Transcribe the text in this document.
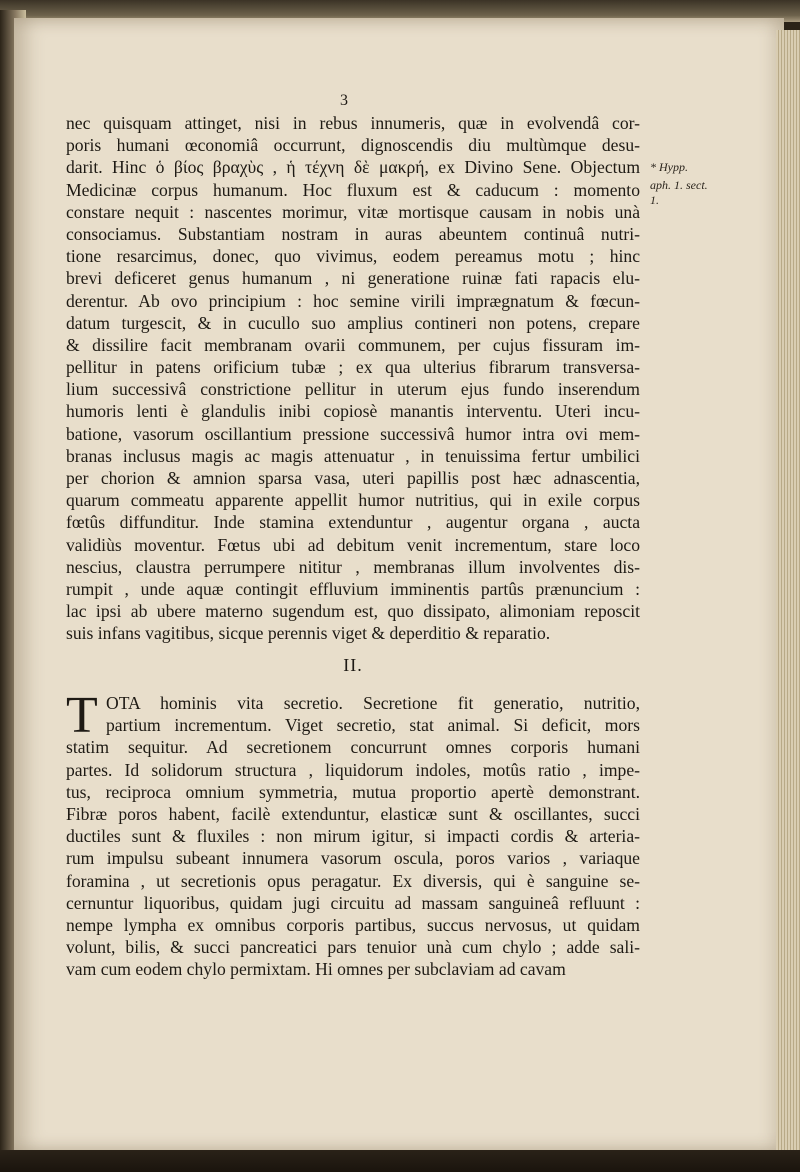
3
* Hypp.
aph. 1. sect.
1.
nec quisquam attinget, nisi in rebus innumeris, quæ in evolvendâ cor-
poris humani œconomiâ occurrunt, dignoscendis diu multùmque desu-
darit. Hinc ὁ βίος βραχὺς , ἡ τέχνη δὲ μακρή, ex Divino Sene. Objectum
Medicinæ corpus humanum. Hoc fluxum est & caducum : momento
constare nequit : nascentes morimur, vitæ mortisque causam in nobis unà
consociamus. Substantiam nostram in auras abeuntem continuâ nutri-
tione resarcimus, donec, quo vivimus, eodem pereamus motu ; hinc
brevi deficeret genus humanum , ni generatione ruinæ fati rapacis elu-
derentur. Ab ovo principium : hoc semine virili imprægnatum & fœcun-
datum turgescit, & in cucullo suo amplius contineri non potens, crepare
& dissilire facit membranam ovarii communem, per cujus fissuram im-
pellitur in patens orificium tubæ ; ex qua ulterius fibrarum transversa-
lium successivâ constrictione pellitur in uterum ejus fundo inserendum
humoris lenti è glandulis inibi copiosè manantis interventu. Uteri incu-
batione, vasorum oscillantium pressione successivâ humor intra ovi mem-
branas inclusus magis ac magis attenuatur , in tenuissima fertur umbilici
per chorion & amnion sparsa vasa, uteri papillis post hæc adnascentia,
quarum commeatu apparente appellit humor nutritius, qui in exile corpus
fœtûs diffunditur. Inde stamina extenduntur , augentur organa , aucta
validiùs moventur. Fœtus ubi ad debitum venit incrementum, stare loco
nescius, claustra perrumpere nititur , membranas illum involventes dis-
rumpit , unde aquæ contingit effluvium imminentis partûs prænuncium :
lac ipsi ab ubere materno sugendum est, quo dissipato, alimoniam reposcit
suis infans vagitibus, sicque perennis viget & deperditio & reparatio.
II.
T OTA hominis vita secretio. Secretione fit generatio, nutritio,
partium incrementum. Viget secretio, stat animal. Si deficit, mors
statim sequitur. Ad secretionem concurrunt omnes corporis humani
partes. Id solidorum structura , liquidorum indoles, motûs ratio , impe-
tus, reciproca omnium symmetria, mutua proportio apertè demonstrant.
Fibræ poros habent, facilè extenduntur, elasticæ sunt & oscillantes, succi
ductiles sunt & fluxiles : non mirum igitur, si impacti cordis & arteria-
rum impulsu subeant innumera vasorum oscula, poros varios , variaque
foramina , ut secretionis opus peragatur. Ex diversis, qui è sanguine se-
cernuntur liquoribus, quidam jugi circuitu ad massam sanguineâ refluunt :
nempe lympha ex omnibus corporis partibus, succus nervosus, ut quidam
volunt, bilis, & succi pancreatici pars tenuior unà cum chylo ; adde sali-
vam cum eodem chylo permixtam. Hi omnes per subclaviam ad cavam
